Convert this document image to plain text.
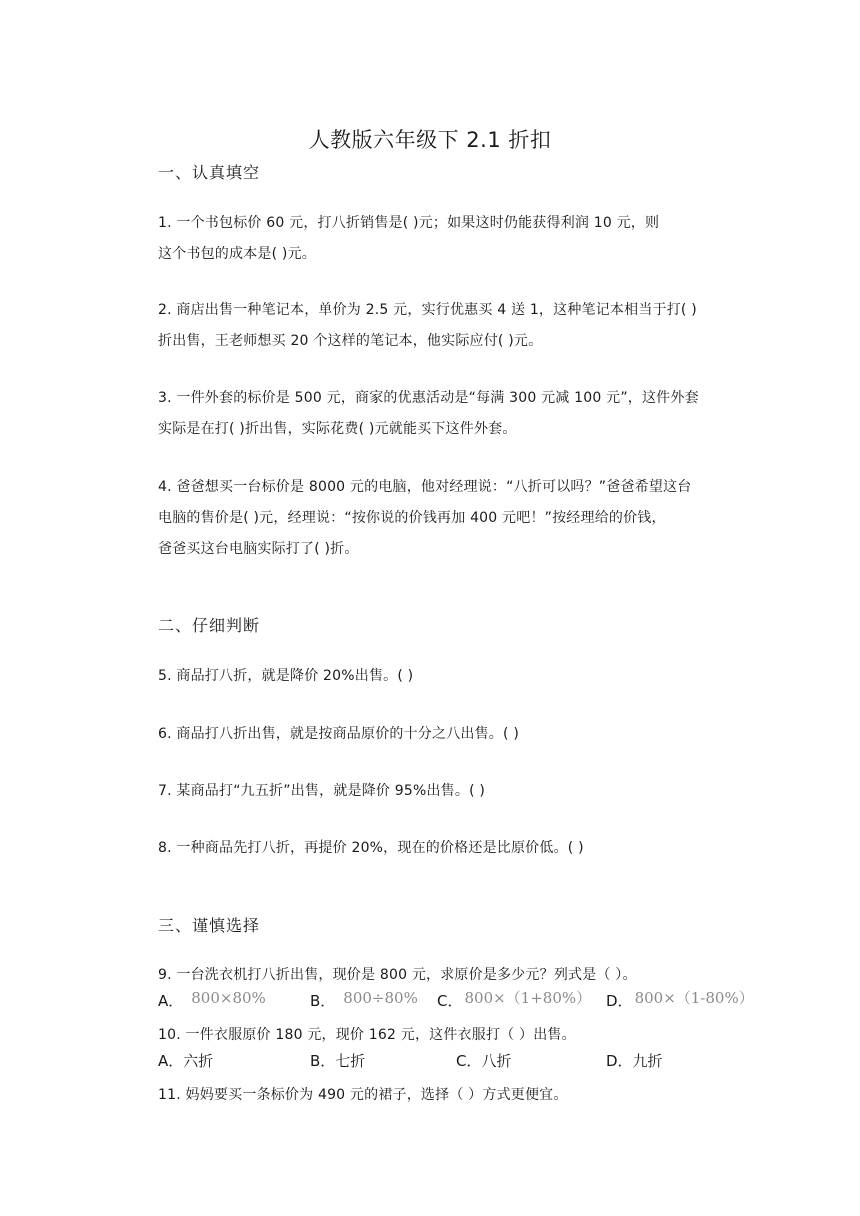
人教版六年级下 2.1 折扣
一、认真填空
1. 一个书包标价 60 元，打八折销售是( )元；如果这时仍能获得利润 10 元，则
这个书包的成本是( )元。
2. 商店出售一种笔记本，单价为 2.5 元，实行优惠买 4 送 1，这种笔记本相当于打( )
折出售，王老师想买 20 个这样的笔记本，他实际应付( )元。
3. 一件外套的标价是 500 元，商家的优惠活动是“每满 300 元减 100 元”，这件外套
实际是在打( )折出售，实际花费( )元就能买下这件外套。
4. 爸爸想买一台标价是 8000 元的电脑，他对经理说：“八折可以吗？”爸爸希望这台
电脑的售价是( )元，经理说：“按你说的价钱再加 400 元吧！”按经理给的价钱，
爸爸买这台电脑实际打了( )折。
二、仔细判断
5. 商品打八折，就是降价 20%出售。( )
6. 商品打八折出售，就是按商品原价的十分之八出售。( )
7. 某商品打“九五折”出售，就是降价 95%出售。( )
8. 一种商品先打八折，再提价 20%，现在的价格还是比原价低。( )
三、谨慎选择
9. 一台洗衣机打八折出售，现价是 800 元，求原价是多少元？列式是（ ）。
A． 800×80%	B． 800÷80% C． 800×（1+80%） D． 800×（1-80%）
10. 一件衣服原价 180 元，现价 162 元，这件衣服打（ ）出售。
A．六折	B．七折	C．八折	D．九折
11. 妈妈要买一条标价为 490 元的裙子，选择（ ）方式更便宜。
